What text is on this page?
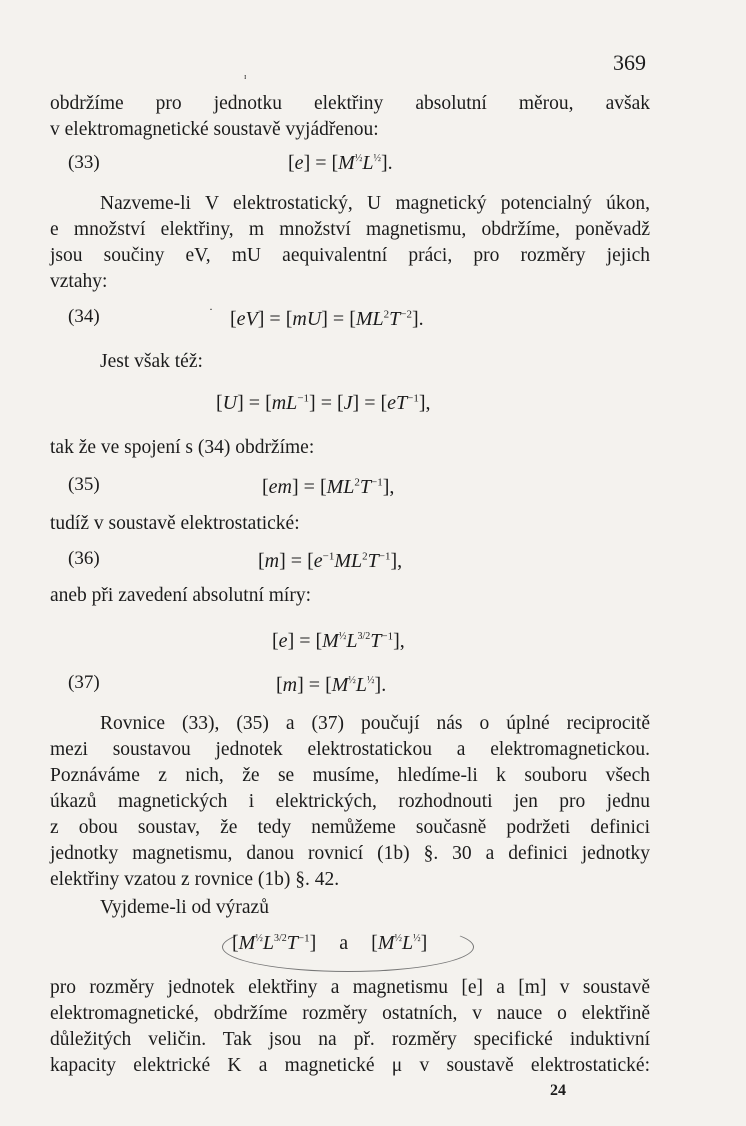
369
ᶦ
obdržíme pro jednotku elektřiny absolutní měrou, avšak
v elektromagnetické soustavě vyjádřenou:
(33)	[e] = [M½L½].
Nazveme-li V elektrostatický, U magnetický potencialný úkon,
e množství elektřiny, m množství magnetismu, obdržíme, poněvadž
jsou součiny eV, mU aequivalentní práci, pro rozměry jejich
vztahy:
·
(34)	$[eV] = [mU] = [ML^2T^{-2}]$.
Jest však též:
$[U] = [mL^{-1}] = [J] = [eT^{-1}]$,
tak že ve spojení s (34) obdržíme:
(35)	$[em] = [ML^2T^{-1}]$,
tudíž v soustavě elektrostatické:
(36)	$[m] = [e^{-1}ML^2T^{-1}]$,
aneb při zavedení absolutní míry:
$[e] = [M\frac{1}{2}L3/2T^{-1}]$,
(37)	[m] = [M½L½].
Rovnice (33), (35) a (37) poučují nás o úplné reciprocitě
mezi soustavou jednotek elektrostatickou a elektromagnetickou.
Poznáváme z nich, že se musíme, hledíme-li k souboru všech
úkazů magnetických i elektrických, rozhodnouti jen pro jednu
z obou soustav, že tedy nemůžeme současně podržeti definici
jednotky magnetismu, danou rovnicí (1b) §. 30 a definici jednotky
elektřiny vzatou z rovnice (1b) §. 42.
Vyjdeme-li od výrazů
$[M\frac{1}{2}L3/2T^{-1}]$ a [M½L½]
pro rozměry jednotek elektřiny a magnetismu [e] a [m] v soustavě
elektromagnetické, obdržíme rozměry ostatních, v nauce o elektřině
důležitých veličin. Tak jsou na př. rozměry specifické induktivní
kapacity elektrické K a magnetické μ v soustavě elektrostatické:
24
